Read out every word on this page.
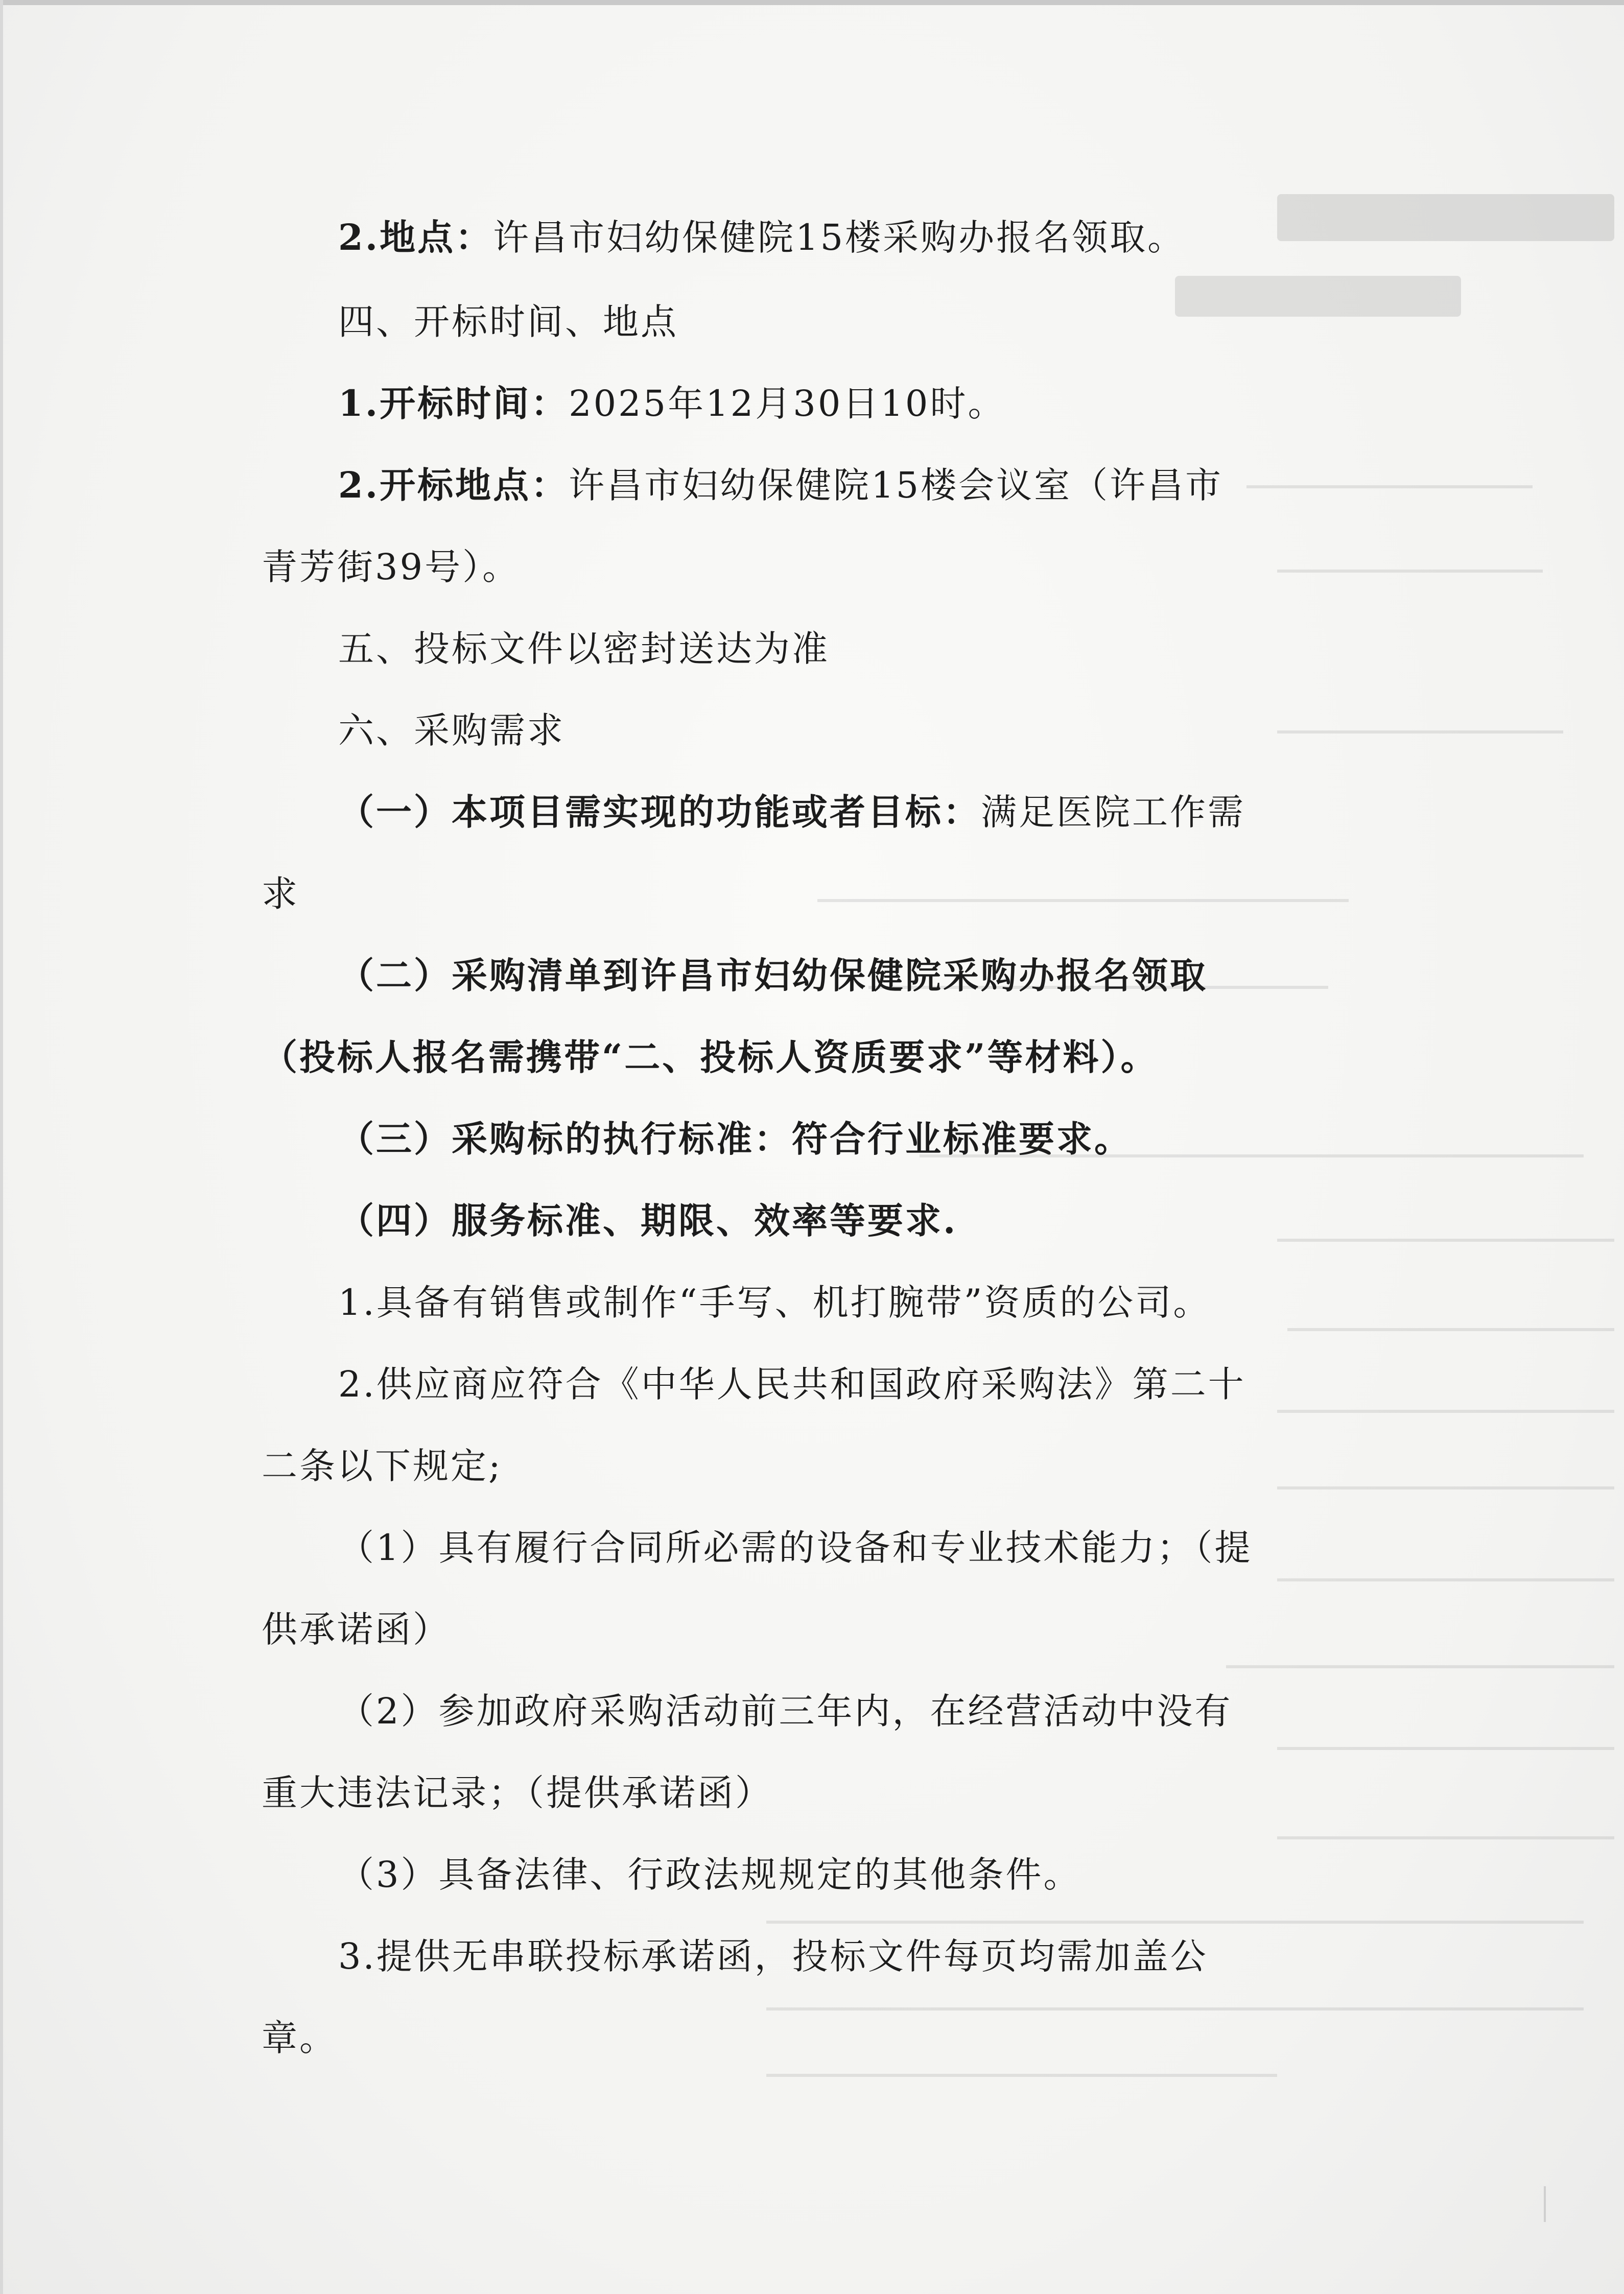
2.地点：许昌市妇幼保健院15楼采购办报名领取。
四、开标时间、地点
1.开标时间：2025年12月30日10时。
2.开标地点：许昌市妇幼保健院15楼会议室（许昌市
青芳街39号）。
五、投标文件以密封送达为准
六、采购需求
（一）本项目需实现的功能或者目标：满足医院工作需
求
（二）采购清单到许昌市妇幼保健院采购办报名领取
（投标人报名需携带“二、投标人资质要求”等材料）。
（三）采购标的执行标准：符合行业标准要求。
（四）服务标准、期限、效率等要求.
1.具备有销售或制作“手写、机打腕带”资质的公司。
2.供应商应符合《中华人民共和国政府采购法》第二十
二条以下规定;
（1）具有履行合同所必需的设备和专业技术能力；（提
供承诺函）
（2）参加政府采购活动前三年内，在经营活动中没有
重大违法记录；（提供承诺函）
（3）具备法律、行政法规规定的其他条件。
3.提供无串联投标承诺函，投标文件每页均需加盖公
章。
